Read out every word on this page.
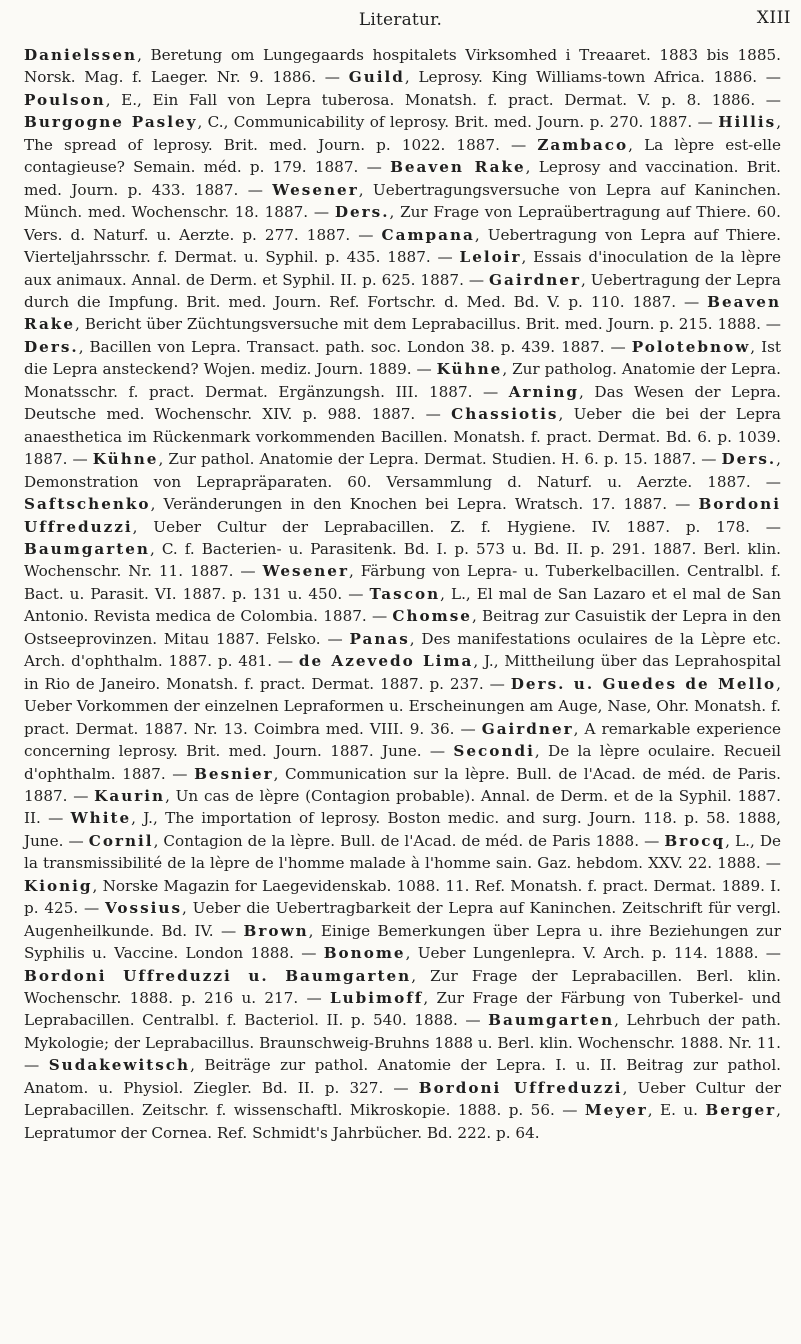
Literatur.	XIII
Danielssen, Beretung om Lungegaards hospitalets Virksomhed i Treaaret. 1883 bis 1885. Norsk. Mag. f. Laeger. Nr. 9. 1886. — Guild, Leprosy. King Williams-town Africa. 1886. — Poulson, E., Ein Fall von Lepra tuberosa. Monatsh. f. pract. Dermat. V. p. 8. 1886. — Burgogne Pasley, C., Communicability of leprosy. Brit. med. Journ. p. 270. 1887. — Hillis, The spread of leprosy. Brit. med. Journ. p. 1022. 1887. — Zambaco, La lèpre est-elle contagieuse? Semain. méd. p. 179. 1887. — Beaven Rake, Leprosy and vaccination. Brit. med. Journ. p. 433. 1887. — Wesener, Uebertragungsversuche von Lepra auf Kaninchen. Münch. med. Wochenschr. 18. 1887. — Ders., Zur Frage von Lepraübertragung auf Thiere. 60. Vers. d. Naturf. u. Aerzte. p. 277. 1887. — Campana, Uebertragung von Lepra auf Thiere. Vierteljahrsschr. f. Dermat. u. Syphil. p. 435. 1887. — Leloir, Essais d'inoculation de la lèpre aux animaux. Annal. de Derm. et Syphil. II. p. 625. 1887. — Gairdner, Uebertragung der Lepra durch die Impfung. Brit. med. Journ. Ref. Fortschr. d. Med. Bd. V. p. 110. 1887. — Beaven Rake, Bericht über Züchtungsversuche mit dem Leprabacillus. Brit. med. Journ. p. 215. 1888. — Ders., Bacillen von Lepra. Transact. path. soc. London 38. p. 439. 1887. — Polotebnow, Ist die Lepra ansteckend? Wojen. mediz. Journ. 1889. — Kühne, Zur patholog. Anatomie der Lepra. Monatsschr. f. pract. Dermat. Ergänzungsh. III. 1887. — Arning, Das Wesen der Lepra. Deutsche med. Wochenschr. XIV. p. 988. 1887. — Chassiotis, Ueber die bei der Lepra anaesthetica im Rückenmark vorkommenden Bacillen. Monatsh. f. pract. Dermat. Bd. 6. p. 1039. 1887. — Kühne, Zur pathol. Anatomie der Lepra. Dermat. Studien. H. 6. p. 15. 1887. — Ders., Demonstration von Leprapräparaten. 60. Versammlung d. Naturf. u. Aerzte. 1887. — Saftschenko, Veränderungen in den Knochen bei Lepra. Wratsch. 17. 1887. — Bordoni Uffreduzzi, Ueber Cultur der Leprabacillen. Z. f. Hygiene. IV. 1887. p. 178. — Baumgarten, C. f. Bacterien- u. Parasitenk. Bd. I. p. 573 u. Bd. II. p. 291. 1887. Berl. klin. Wochenschr. Nr. 11. 1887. — Wesener, Färbung von Lepra- u. Tuberkelbacillen. Centralbl. f. Bact. u. Parasit. VI. 1887. p. 131 u. 450. — Tascon, L., El mal de San Lazaro et el mal de San Antonio. Revista medica de Colombia. 1887. — Chomse, Beitrag zur Casuistik der Lepra in den Ostseeprovinzen. Mitau 1887. Felsko. — Panas, Des manifestations oculaires de la Lèpre etc. Arch. d'ophthalm. 1887. p. 481. — de Azevedo Lima, J., Mittheilung über das Leprahospital in Rio de Janeiro. Monatsh. f. pract. Dermat. 1887. p. 237. — Ders. u. Guedes de Mello, Ueber Vorkommen der einzelnen Lepraformen u. Erscheinungen am Auge, Nase, Ohr. Monatsh. f. pract. Dermat. 1887. Nr. 13. Coimbra med. VIII. 9. 36. — Gairdner, A remarkable experience concerning leprosy. Brit. med. Journ. 1887. June. — Secondi, De la lèpre oculaire. Recueil d'ophthalm. 1887. — Besnier, Communication sur la lèpre. Bull. de l'Acad. de méd. de Paris. 1887. — Kaurin, Un cas de lèpre (Contagion probable). Annal. de Derm. et de la Syphil. 1887. II. — White, J., The importation of leprosy. Boston medic. and surg. Journ. 118. p. 58. 1888, June. — Cornil, Contagion de la lèpre. Bull. de l'Acad. de méd. de Paris 1888. — Brocq, L., De la transmissibilité de la lèpre de l'homme malade à l'homme sain. Gaz. hebdom. XXV. 22. 1888. — Kionig, Norske Magazin for Laegevidenskab. 1088. 11. Ref. Monatsh. f. pract. Dermat. 1889. I. p. 425. — Vossius, Ueber die Uebertragbarkeit der Lepra auf Kaninchen. Zeitschrift für vergl. Augenheilkunde. Bd. IV. — Brown, Einige Bemerkungen über Lepra u. ihre Beziehungen zur Syphilis u. Vaccine. London 1888. — Bonome, Ueber Lungenlepra. V. Arch. p. 114. 1888. — Bordoni Uffreduzzi u. Baumgarten, Zur Frage der Leprabacillen. Berl. klin. Wochenschr. 1888. p. 216 u. 217. — Lubimoff, Zur Frage der Färbung von Tuberkel- und Leprabacillen. Centralbl. f. Bacteriol. II. p. 540. 1888. — Baumgarten, Lehrbuch der path. Mykologie; der Leprabacillus. Braunschweig-Bruhns 1888 u. Berl. klin. Wochenschr. 1888. Nr. 11. — Sudakewitsch, Beiträge zur pathol. Anatomie der Lepra. I. u. II. Beitrag zur pathol. Anatom. u. Physiol. Ziegler. Bd. II. p. 327. — Bordoni Uffreduzzi, Ueber Cultur der Leprabacillen. Zeitschr. f. wissenschaftl. Mikroskopie. 1888. p. 56. — Meyer, E. u. Berger, Lepratumor der Cornea. Ref. Schmidt's Jahrbücher. Bd. 222. p. 64.
